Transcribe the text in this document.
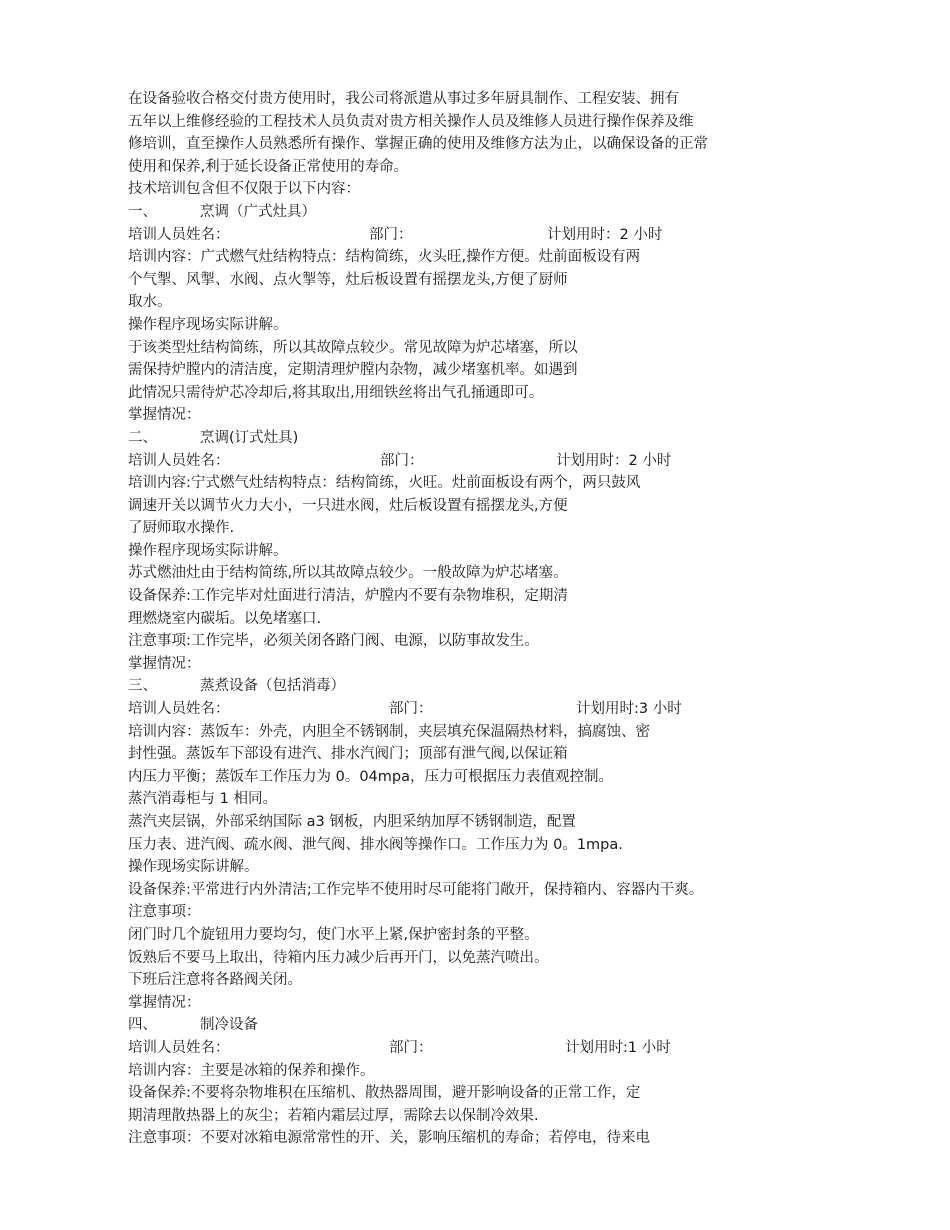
在设备验收合格交付贵方使用时，我公司将派遣从事过多年厨具制作、工程安装、拥有
五年以上维修经验的工程技术人员负责对贵方相关操作人员及维修人员进行操作保养及维
修培训，直至操作人员熟悉所有操作、掌握正确的使用及维修方法为止，以确保设备的正常
使用和保养,利于延长设备正常使用的寿命。
技术培训包含但不仅限于以下内容：
一、	烹调（广式灶具）
培训人员姓名：	部门：	计划用时：2 小时
培训内容：广式燃气灶结构特点：结构简练，火头旺,操作方便。灶前面板设有两
个气掣、风掣、水阀、点火掣等，灶后板设置有摇摆龙头,方便了厨师
取水。
操作程序现场实际讲解。
于该类型灶结构简练，所以其故障点较少。常见故障为炉芯堵塞，所以
需保持炉膛内的清洁度，定期清理炉膛内杂物，减少堵塞机率。如遇到
此情况只需待炉芯冷却后,将其取出,用细铁丝将出气孔捅通即可。
掌握情况：
二、	烹调(订式灶具)
培训人员姓名：	部门：	计划用时：2 小时
培训内容:宁式燃气灶结构特点：结构简练，火旺。灶前面板设有两个，两只鼓风
调速开关以调节火力大小，一只进水阀，灶后板设置有摇摆龙头,方便
了厨师取水操作.
操作程序现场实际讲解。
苏式燃油灶由于结构简练,所以其故障点较少。一般故障为炉芯堵塞。
设备保养:工作完毕对灶面进行清洁，炉膛内不要有杂物堆积，定期清
理燃烧室内碳垢。以免堵塞口.
注意事项:工作完毕，必须关闭各路门阀、电源，以防事故发生。
掌握情况：
三、	蒸煮设备（包括消毒）
培训人员姓名：	部门：	计划用时:3 小时
培训内容：蒸饭车：外壳，内胆全不锈钢制，夹层填充保温隔热材料，搞腐蚀、密
封性强。蒸饭车下部设有进汽、排水汽阀门；顶部有泄气阀,以保证箱
内压力平衡；蒸饭车工作压力为 0。04mpa，压力可根据压力表值观控制。
蒸汽消毒柜与 1 相同。
蒸汽夹层锅，外部采纳国际 a3 钢板，内胆采纳加厚不锈钢制造，配置
压力表、进汽阀、疏水阀、泄气阀、排水阀等操作口。工作压力为 0。1mpa.
操作现场实际讲解。
设备保养:平常进行内外清洁;工作完毕不使用时尽可能将门敞开，保持箱内、容器内干爽。
注意事项：
闭门时几个旋钮用力要均匀，使门水平上紧,保护密封条的平整。
饭熟后不要马上取出，待箱内压力减少后再开门，以免蒸汽喷出。
下班后注意将各路阀关闭。
掌握情况：
四、	制冷设备
培训人员姓名：	部门：	计划用时:1 小时
培训内容：主要是冰箱的保养和操作。
设备保养:不要将杂物堆积在压缩机、散热器周围，避开影响设备的正常工作，定
期清理散热器上的灰尘；若箱内霜层过厚，需除去以保制冷效果.
注意事项：不要对冰箱电源常常性的开、关，影响压缩机的寿命；若停电，待来电
